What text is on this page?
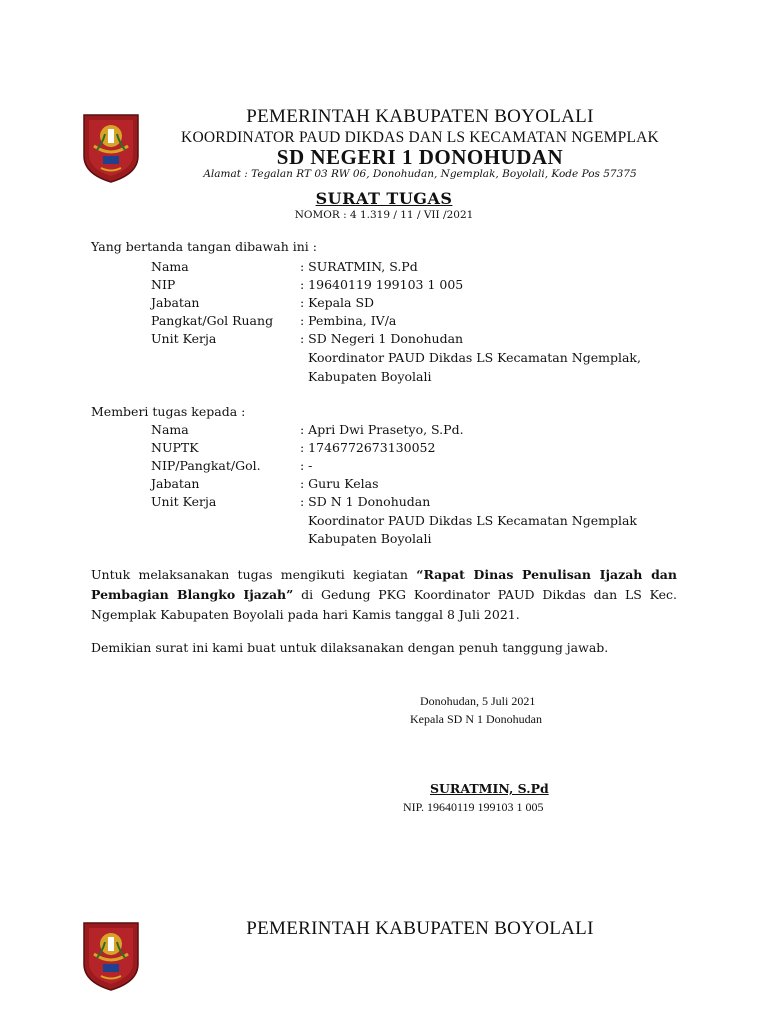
PEMERINTAH KABUPATEN BOYOLALI
KOORDINATOR PAUD DIKDAS DAN LS KECAMATAN NGEMPLAK
SD NEGERI 1 DONOHUDAN
Alamat : Tegalan RT 03 RW 06, Donohudan, Ngemplak, Boyolali, Kode Pos 57375
SURAT TUGAS
NOMOR : 4 1.319 / 11 / VII /2021
Yang bertanda tangan dibawah ini :
Nama	: SURATMIN, S.Pd
NIP	: 19640119 199103 1 005
Jabatan	: Kepala SD
Pangkat/Gol Ruang : Pembina, IV/a
Unit Kerja	: SD Negeri 1 Donohudan
Koordinator PAUD Dikdas LS Kecamatan Ngemplak,
Kabupaten Boyolali
Memberi tugas kepada :
Nama	: Apri Dwi Prasetyo, S.Pd.
NUPTK	: 1746772673130052
NIP/Pangkat/Gol.	: -
Jabatan	: Guru Kelas
Unit Kerja	: SD N 1 Donohudan
Koordinator PAUD Dikdas LS Kecamatan Ngemplak
Kabupaten Boyolali
Untuk melaksanakan tugas mengikuti kegiatan “Rapat Dinas Penulisan Ijazah dan
Pembagian Blangko Ijazah” di Gedung PKG Koordinator PAUD Dikdas dan LS Kec.
Ngemplak Kabupaten Boyolali pada hari Kamis tanggal 8 Juli 2021.
Demikian surat ini kami buat untuk dilaksanakan dengan penuh tanggung jawab.
Donohudan, 5 Juli 2021
Kepala SD N 1 Donohudan
SURATMIN, S.Pd
NIP. 19640119 199103 1 005
PEMERINTAH KABUPATEN BOYOLALI
